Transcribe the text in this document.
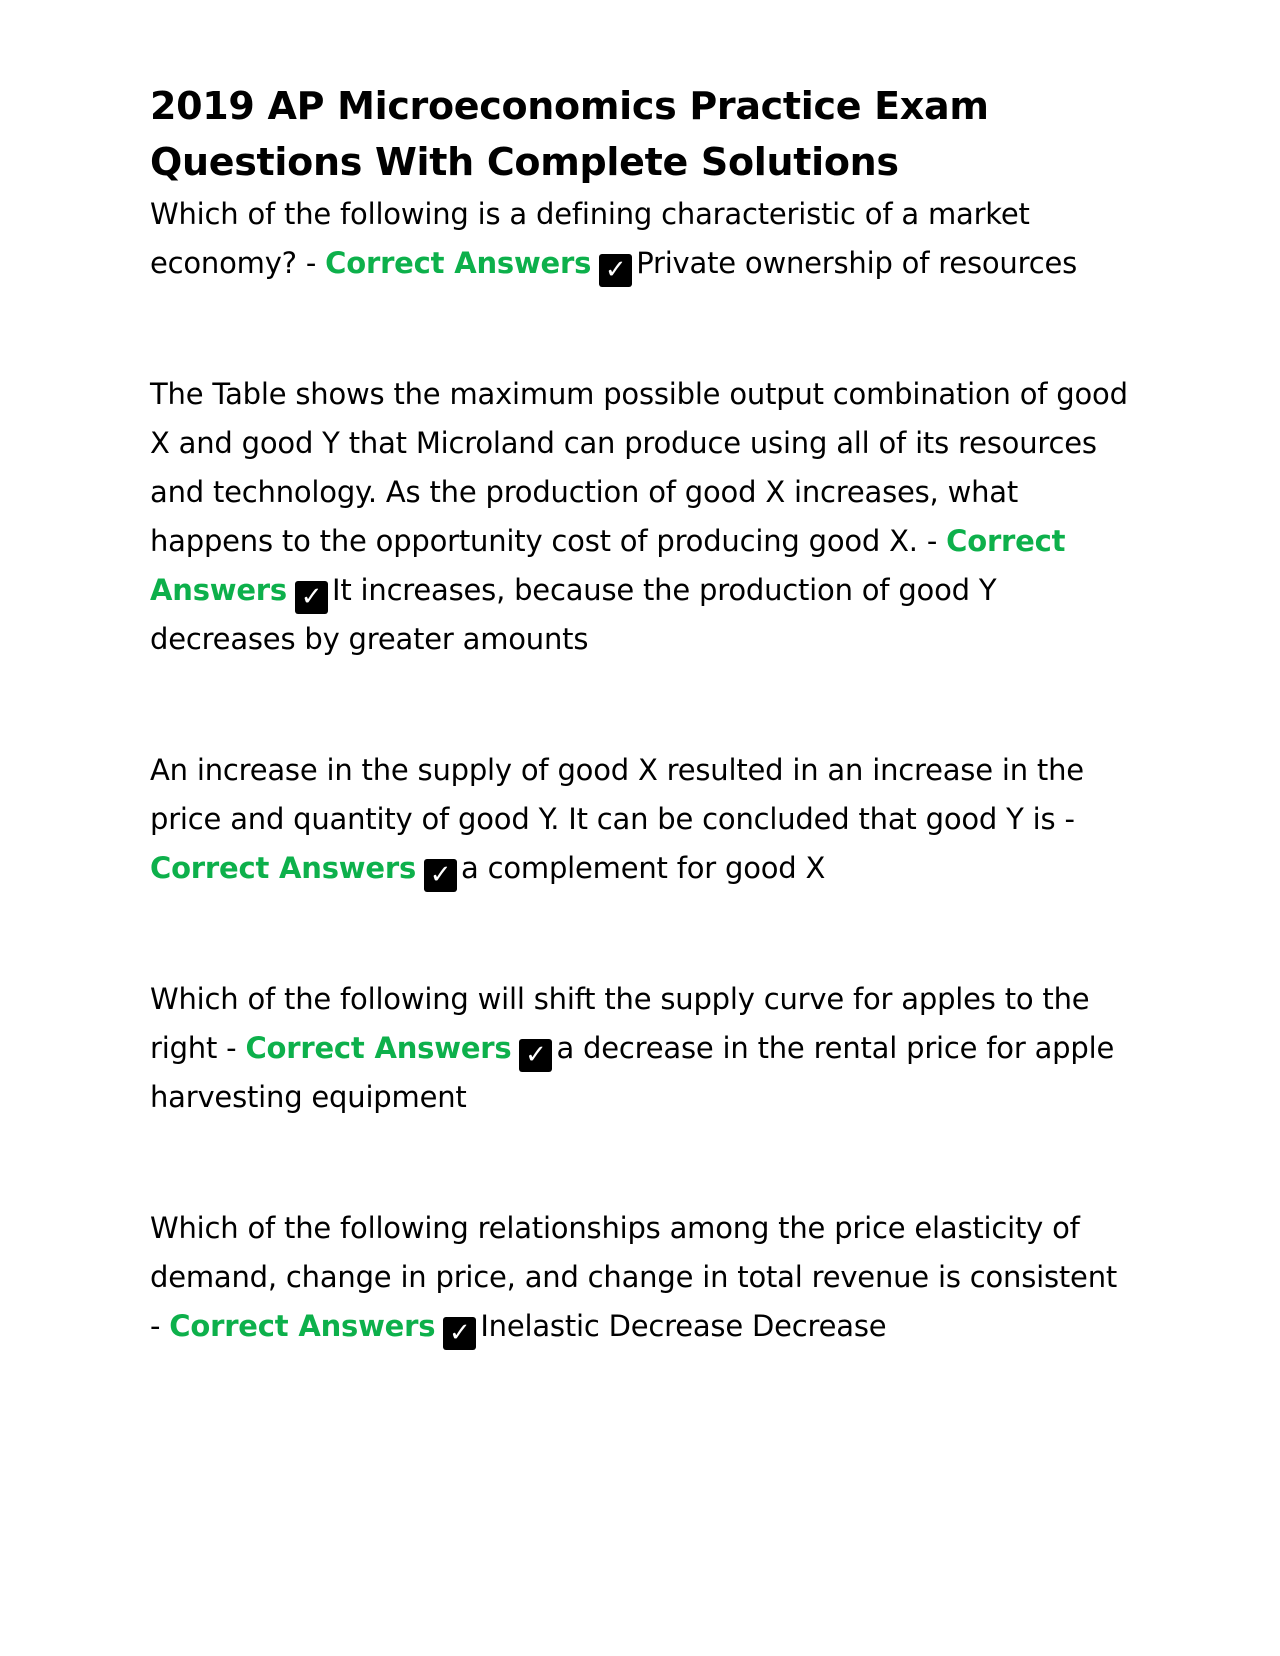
2019 AP Microeconomics Practice Exam Questions With Complete Solutions

Which of the following is a defining characteristic of a market economy? - Correct Answers ✓ Private ownership of resources

The Table shows the maximum possible output combination of good X and good Y that Microland can produce using all of its resources and technology. As the production of good X increases, what happens to the opportunity cost of producing good X. - Correct Answers ✓ It increases, because the production of good Y decreases by greater amounts

An increase in the supply of good X resulted in an increase in the price and quantity of good Y. It can be concluded that good Y is - Correct Answers ✓ a complement for good X

Which of the following will shift the supply curve for apples to the right - Correct Answers ✓ a decrease in the rental price for apple harvesting equipment

Which of the following relationships among the price elasticity of demand, change in price, and change in total revenue is consistent - Correct Answers ✓ Inelastic Decrease Decrease
